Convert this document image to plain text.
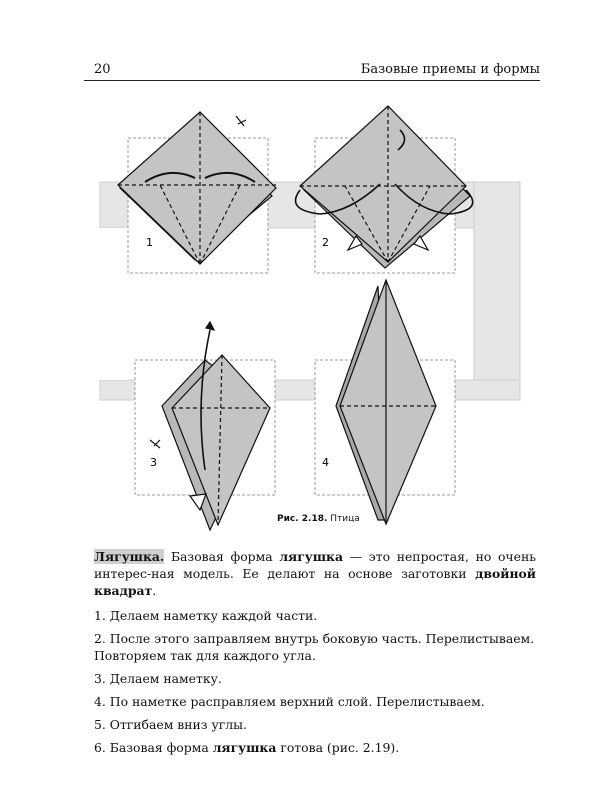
20	Базовые приемы и формы
1	2
3	4
Рис. 2.18. Птица

Лягушка. Базовая форма лягушка — это непростая, но очень интерес-ная модель. Ее делают на основе заготовки двойной квадрат.

1. Делаем наметку каждой части.
2. После этого заправляем внутрь боковую часть. Перелистываем.
Повторяем так для каждого угла.
3. Делаем наметку.
4. По наметке расправляем верхний слой. Перелистываем.
5. Отгибаем вниз углы.
6. Базовая форма лягушка готова (рис. 2.19).
